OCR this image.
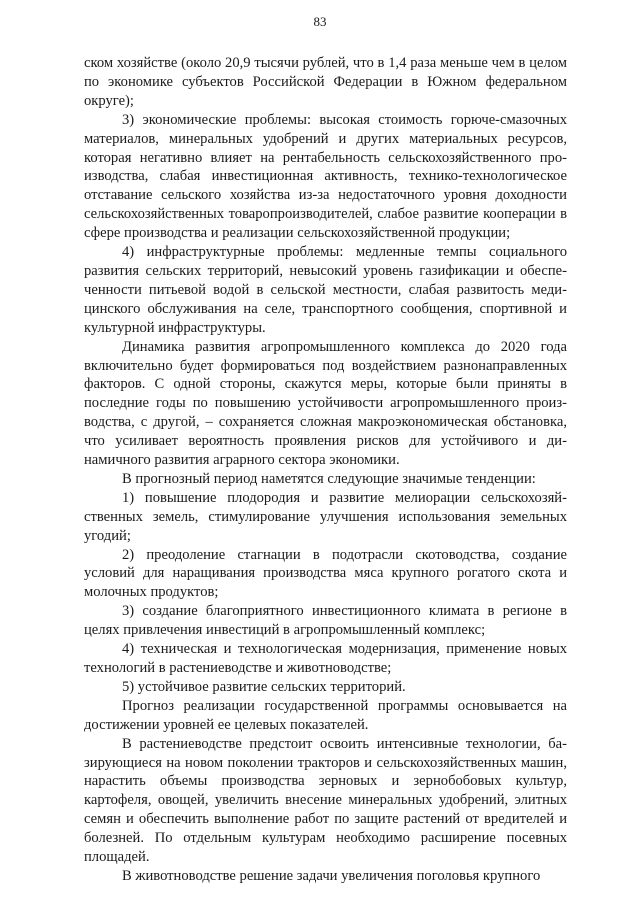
83

ском хозяйстве (около 20,9 тысячи рублей, что в 1,4 раза меньше чем в целом по экономике субъектов Российской Федерации в Южном федеральном округе);

3) экономические проблемы: высокая стоимость горюче-смазочных материалов, минеральных удобрений и других материальных ресурсов, которая негативно влияет на рентабельность сельскохозяйственного производства, слабая инвестиционная активность, технико-технологическое отставание сельского хозяйства из-за недостаточного уровня доходности сельскохозяйственных товаропроизводителей, слабое развитие кооперации в сфере производства и реализации сельскохозяйственной продукции;

4) инфраструктурные проблемы: медленные темпы социального развития сельских территорий, невысокий уровень газификации и обеспеченности питьевой водой в сельской местности, слабая развитость медицинского обслуживания на селе, транспортного сообщения, спортивной и культурной инфраструктуры.

Динамика развития агропромышленного комплекса до 2020 года включительно будет формироваться под воздействием разнонаправленных факторов. С одной стороны, скажутся меры, которые были приняты в последние годы по повышению устойчивости агропромышленного производства, с другой, – сохраняется сложная макроэкономическая обстановка, что усиливает вероятность проявления рисков для устойчивого и динамичного развития аграрного сектора экономики.

В прогнозный период наметятся следующие значимые тенденции:

1) повышение плодородия и развитие мелиорации сельскохозяйственных земель, стимулирование улучшения использования земельных угодий;

2) преодоление стагнации в подотрасли скотоводства, создание условий для наращивания производства мяса крупного рогатого скота и молочных продуктов;

3) создание благоприятного инвестиционного климата в регионе в целях привлечения инвестиций в агропромышленный комплекс;

4) техническая и технологическая модернизация, применение новых технологий в растениеводстве и животноводстве;

5) устойчивое развитие сельских территорий.

Прогноз реализации государственной программы основывается на достижении уровней ее целевых показателей.

В растениеводстве предстоит освоить интенсивные технологии, базирующиеся на новом поколении тракторов и сельскохозяйственных машин, нарастить объемы производства зерновых и зернобобовых культур, картофеля, овощей, увеличить внесение минеральных удобрений, элитных семян и обеспечить выполнение работ по защите растений от вредителей и болезней. По отдельным культурам необходимо расширение посевных площадей.

В животноводстве решение задачи увеличения поголовья крупного
